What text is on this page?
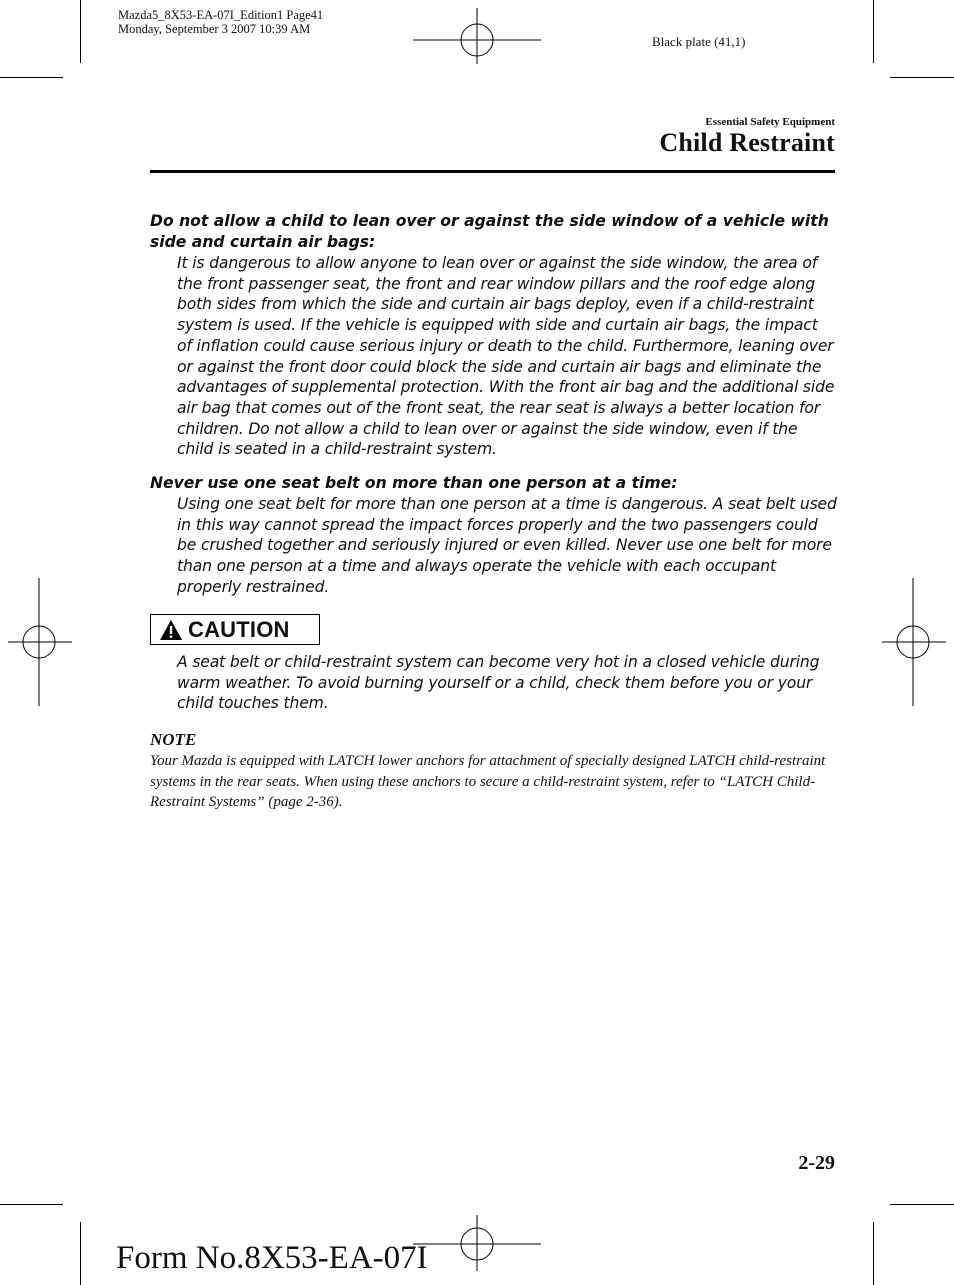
Mazda5_8X53-EA-07I_Edition1 Page41
Monday, September 3 2007 10:39 AM
Black plate (41,1)
Essential Safety Equipment
Child Restraint
Do not allow a child to lean over or against the side window of a vehicle with side and curtain air bags:
It is dangerous to allow anyone to lean over or against the side window, the area of the front passenger seat, the front and rear window pillars and the roof edge along both sides from which the side and curtain air bags deploy, even if a child-restraint system is used. If the vehicle is equipped with side and curtain air bags, the impact of inflation could cause serious injury or death to the child. Furthermore, leaning over or against the front door could block the side and curtain air bags and eliminate the advantages of supplemental protection. With the front air bag and the additional side air bag that comes out of the front seat, the rear seat is always a better location for children. Do not allow a child to lean over or against the side window, even if the child is seated in a child-restraint system.
Never use one seat belt on more than one person at a time:
Using one seat belt for more than one person at a time is dangerous. A seat belt used in this way cannot spread the impact forces properly and the two passengers could be crushed together and seriously injured or even killed. Never use one belt for more than one person at a time and always operate the vehicle with each occupant properly restrained.
CAUTION
A seat belt or child-restraint system can become very hot in a closed vehicle during warm weather. To avoid burning yourself or a child, check them before you or your child touches them.
NOTE
Your Mazda is equipped with LATCH lower anchors for attachment of specially designed LATCH child-restraint systems in the rear seats. When using these anchors to secure a child-restraint system, refer to “LATCH Child-Restraint Systems” (page 2-36).
2-29
Form No.8X53-EA-07I
